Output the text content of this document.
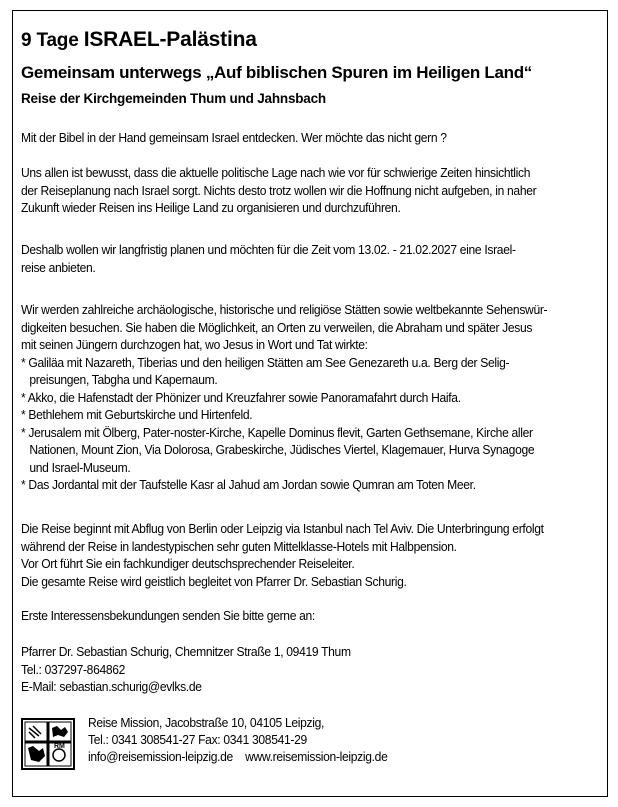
9 Tage ISRAEL-Palästina
Gemeinsam unterwegs „Auf biblischen Spuren im Heiligen Land“
Reise der Kirchgemeinden Thum und Jahnsbach
Mit der Bibel in der Hand gemeinsam Israel entdecken. Wer möchte das nicht gern ?
Uns allen ist bewusst, dass die aktuelle politische Lage nach wie vor für schwierige Zeiten hinsichtlich
der Reiseplanung nach Israel sorgt. Nichts desto trotz wollen wir die Hoffnung nicht aufgeben, in naher
Zukunft wieder Reisen ins Heilige Land zu organisieren und durchzuführen.
Deshalb wollen wir langfristig planen und möchten für die Zeit vom 13.02. - 21.02.2027 eine Israel-
reise anbieten.
Wir werden zahlreiche archäologische, historische und religiöse Stätten sowie weltbekannte Sehenswür-
digkeiten besuchen. Sie haben die Möglichkeit, an Orten zu verweilen, die Abraham und später Jesus
mit seinen Jüngern durchzogen hat, wo Jesus in Wort und Tat wirkte:
* Galiläa mit Nazareth, Tiberias und den heiligen Stätten am See Genezareth u.a. Berg der Selig-
preisungen, Tabgha und Kapernaum.
* Akko, die Hafenstadt der Phönizer und Kreuzfahrer sowie Panoramafahrt durch Haifa.
* Bethlehem mit Geburtskirche und Hirtenfeld.
* Jerusalem mit Ölberg, Pater-noster-Kirche, Kapelle Dominus flevit, Garten Gethsemane, Kirche aller
Nationen, Mount Zion, Via Dolorosa, Grabeskirche, Jüdisches Viertel, Klagemauer, Hurva Synagoge
und Israel-Museum.
* Das Jordantal mit der Taufstelle Kasr al Jahud am Jordan sowie Qumran am Toten Meer.
Die Reise beginnt mit Abflug von Berlin oder Leipzig via Istanbul nach Tel Aviv. Die Unterbringung erfolgt
während der Reise in landestypischen sehr guten Mittelklasse-Hotels mit Halbpension.
Vor Ort führt Sie ein fachkundiger deutschsprechender Reiseleiter.
Die gesamte Reise wird geistlich begleitet von Pfarrer Dr. Sebastian Schurig.
Erste Interessensbekundungen senden Sie bitte gerne an:
Pfarrer Dr. Sebastian Schurig, Chemnitzer Straße 1, 09419 Thum
Tel.: 037297-864862
E-Mail: sebastian.schurig@evlks.de
RM
Reise Mission, Jacobstraße 10, 04105 Leipzig,
Tel.: 0341 308541-27 Fax: 0341 308541-29
info@reisemission-leipzig.de    www.reisemission-leipzig.de
